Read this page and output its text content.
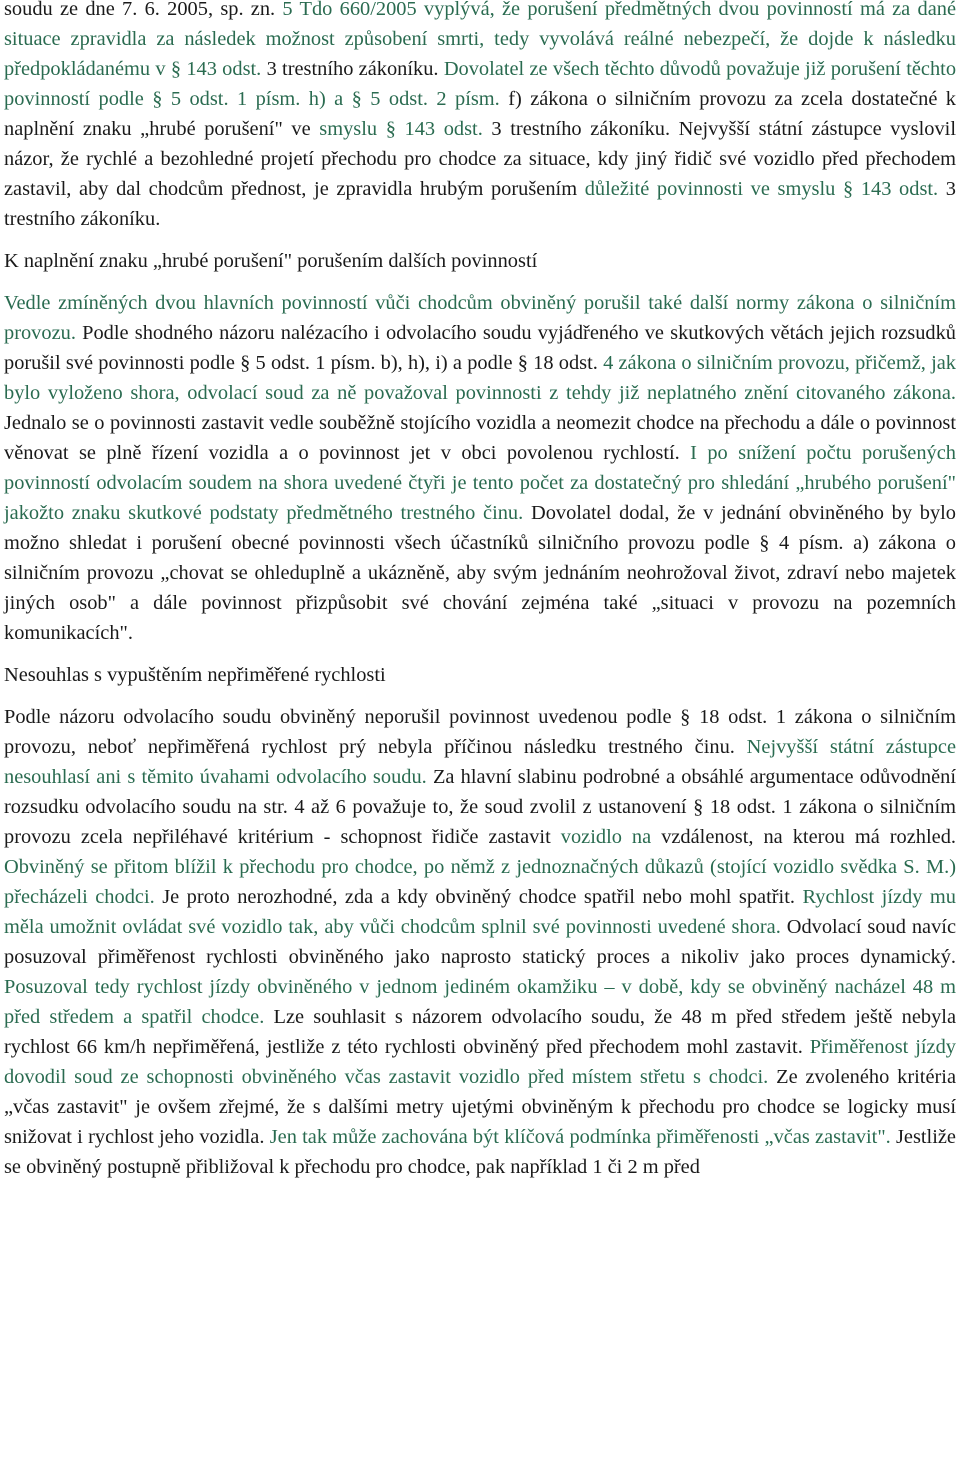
soudu ze dne 7. 6. 2005, sp. zn. 5 Tdo 660/2005 vyplývá, že porušení předmětných dvou povinností má za dané situace zpravidla za následek možnost způsobení smrti, tedy vyvolává reálné nebezpečí, že dojde k následku předpokládanému v § 143 odst. 3 trestního zákoníku. Dovolatel ze všech těchto důvodů považuje již porušení těchto povinností podle § 5 odst. 1 písm. h) a § 5 odst. 2 písm. f) zákona o silničním provozu za zcela dostatečné k naplnění znaku „hrubé porušení" ve smyslu § 143 odst. 3 trestního zákoníku. Nejvyšší státní zástupce vyslovil názor, že rychlé a bezohledné projetí přechodu pro chodce za situace, kdy jiný řidič své vozidlo před přechodem zastavil, aby dal chodcům přednost, je zpravidla hrubým porušením důležité povinnosti ve smyslu § 143 odst. 3 trestního zákoníku.

K naplnění znaku „hrubé porušení" porušením dalších povinností

Vedle zmíněných dvou hlavních povinností vůči chodcům obviněný porušil také další normy zákona o silničním provozu. Podle shodného názoru nalézacího i odvolacího soudu vyjádřeného ve skutkových větách jejich rozsudků porušil své povinnosti podle § 5 odst. 1 písm. b), h), i) a podle § 18 odst. 4 zákona o silničním provozu, přičemž, jak bylo vyloženo shora, odvolací soud za ně považoval povinnosti z tehdy již neplatného znění citovaného zákona. Jednalo se o povinnosti zastavit vedle souběžně stojícího vozidla a neomezit chodce na přechodu a dále o povinnost věnovat se plně řízení vozidla a o povinnost jet v obci povolenou rychlostí. I po snížení počtu porušených povinností odvolacím soudem na shora uvedené čtyři je tento počet za dostatečný pro shledání „hrubého porušení" jakožto znaku skutkové podstaty předmětného trestného činu. Dovolatel dodal, že v jednání obviněného by bylo možno shledat i porušení obecné povinnosti všech účastníků silničního provozu podle § 4 písm. a) zákona o silničním provozu „chovat se ohleduplně a ukázněně, aby svým jednáním neohrožoval život, zdraví nebo majetek jiných osob" a dále povinnost přizpůsobit své chování zejména také „situaci v provozu na pozemních komunikacích".

Nesouhlas s vypuštěním nepřiměřené rychlosti

Podle názoru odvolacího soudu obviněný neporušil povinnost uvedenou podle § 18 odst. 1 zákona o silničním provozu, neboť nepřiměřená rychlost prý nebyla příčinou následku trestného činu. Nejvyšší státní zástupce nesouhlasí ani s těmito úvahami odvolacího soudu. Za hlavní slabinu podrobné a obsáhlé argumentace odůvodnění rozsudku odvolacího soudu na str. 4 až 6 považuje to, že soud zvolil z ustanovení § 18 odst. 1 zákona o silničním provozu zcela nepřiléhavé kritérium - schopnost řidiče zastavit vozidlo na vzdálenost, na kterou má rozhled. Obviněný se přitom blížil k přechodu pro chodce, po němž z jednoznačných důkazů (stojící vozidlo svědka S. M.) přecházeli chodci. Je proto nerozhodné, zda a kdy obviněný chodce spatřil nebo mohl spatřit. Rychlost jízdy mu měla umožnit ovládat své vozidlo tak, aby vůči chodcům splnil své povinnosti uvedené shora. Odvolací soud navíc posuzoval přiměřenost rychlosti obviněného jako naprosto statický proces a nikoliv jako proces dynamický. Posuzoval tedy rychlost jízdy obviněného v jednom jediném okamžiku – v době, kdy se obviněný nacházel 48 m před středem a spatřil chodce. Lze souhlasit s názorem odvolacího soudu, že 48 m před středem ještě nebyla rychlost 66 km/h nepřiměřená, jestliže z této rychlosti obviněný před přechodem mohl zastavit. Přiměřenost jízdy dovodil soud ze schopnosti obviněného včas zastavit vozidlo před místem střetu s chodci. Ze zvoleného kritéria „včas zastavit" je ovšem zřejmé, že s dalšími metry ujetými obviněným k přechodu pro chodce se logicky musí snižovat i rychlost jeho vozidla. Jen tak může zachována být klíčová podmínka přiměřenosti „včas zastavit". Jestliže se obviněný postupně přibližoval k přechodu pro chodce, pak například 1 či 2 m před
